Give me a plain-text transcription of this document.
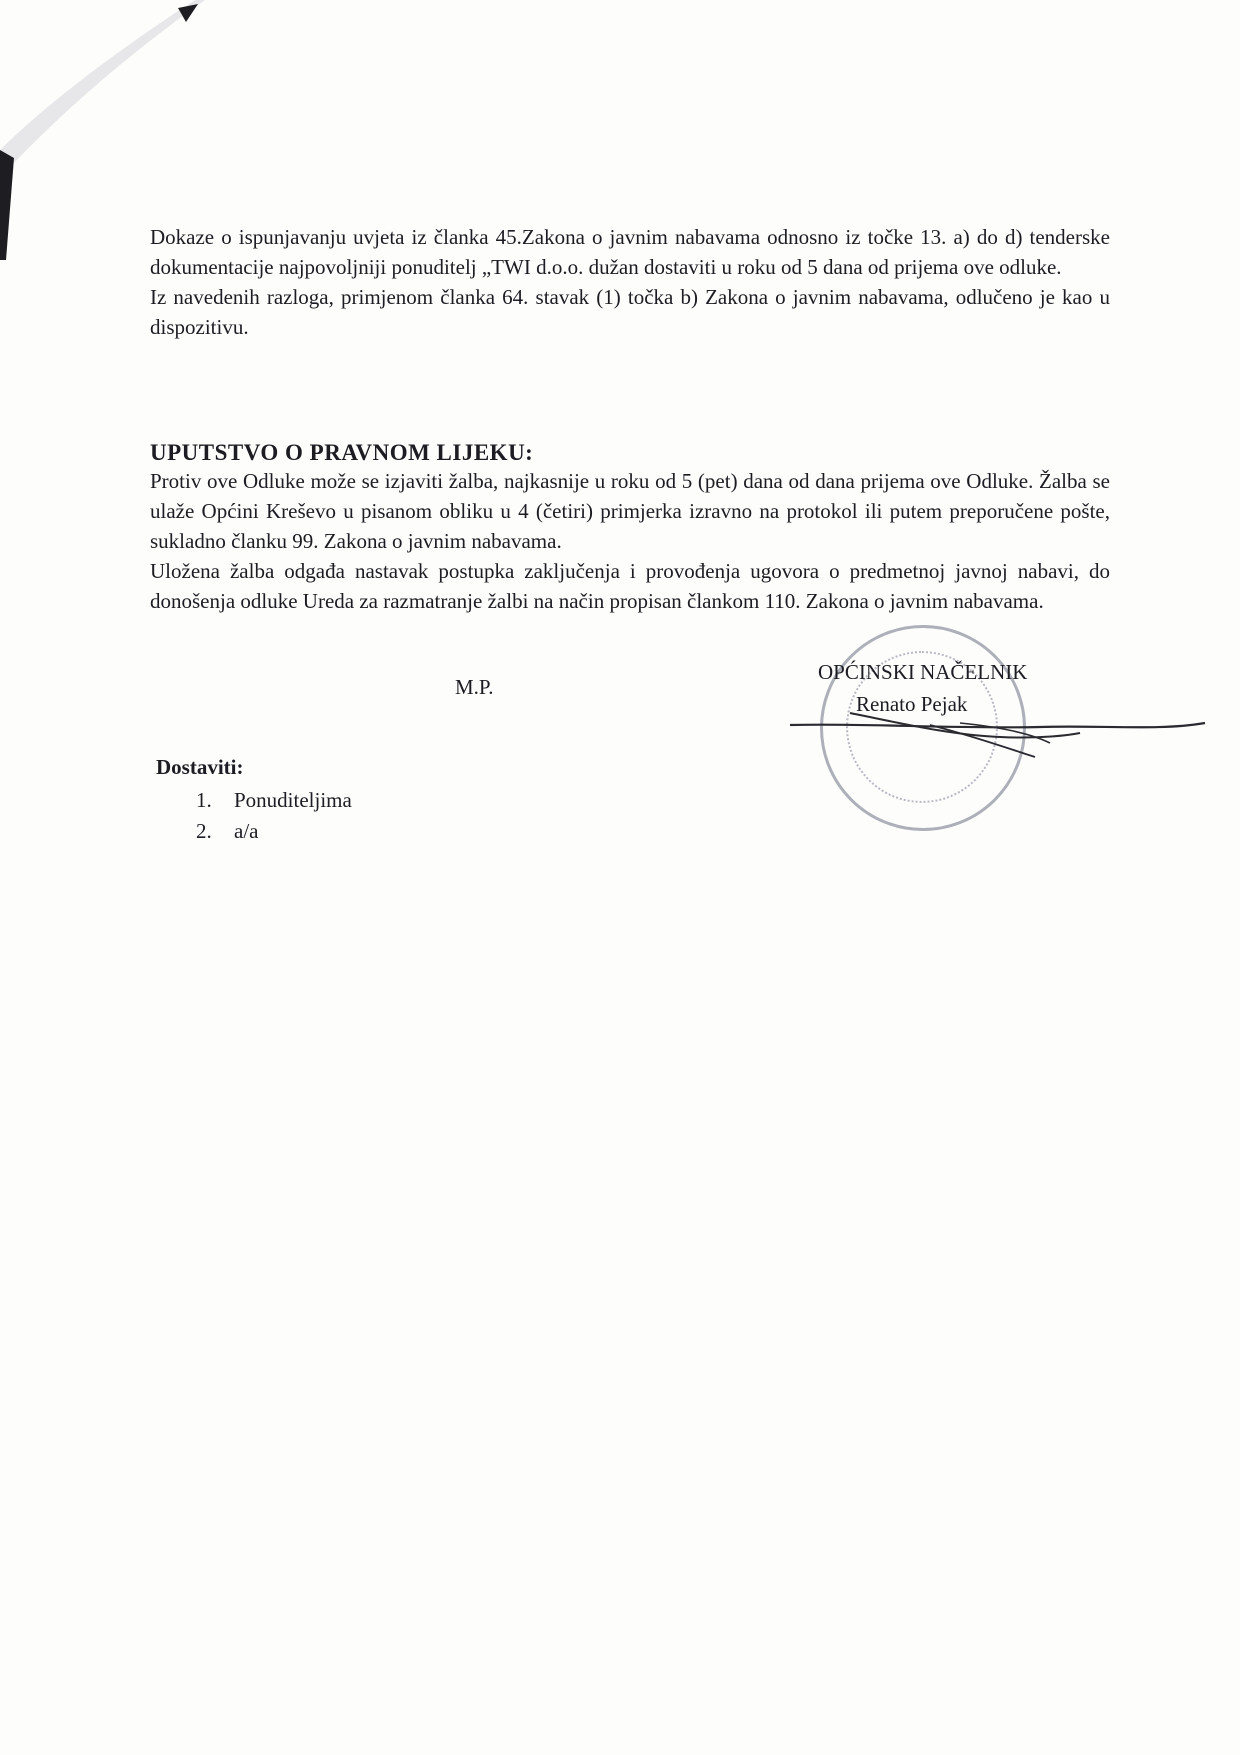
Dokaze o ispunjavanju uvjeta iz članka 45.Zakona o javnim nabavama odnosno iz točke 13. a) do d) tenderske dokumentacije najpovoljniji ponuditelj „TWI d.o.o. dužan dostaviti u roku od 5 dana od prijema ove odluke.

Iz navedenih razloga, primjenom članka 64. stavak (1) točka b) Zakona o javnim nabavama, odlučeno je kao u dispozitivu.

UPUTSTVO O PRAVNOM LIJEKU:

Protiv ove Odluke može se izjaviti žalba, najkasnije u roku od 5 (pet) dana od dana prijema ove Odluke. Žalba se ulaže Općini Kreševo u pisanom obliku u 4 (četiri) primjerka izravno na protokol ili putem preporučene pošte, sukladno članku 99. Zakona o javnim nabavama.

Uložena žalba odgađa nastavak postupka zaključenja i provođenja ugovora o predmetnoj javnoj nabavi, do donošenja odluke Ureda za razmatranje žalbi na način propisan člankom 110. Zakona o javnim nabavama.

M.P.
OPĆINSKI NAČELNIK
Renato Pejak
Dostaviti:
1. Ponuditeljima
2. a/a
